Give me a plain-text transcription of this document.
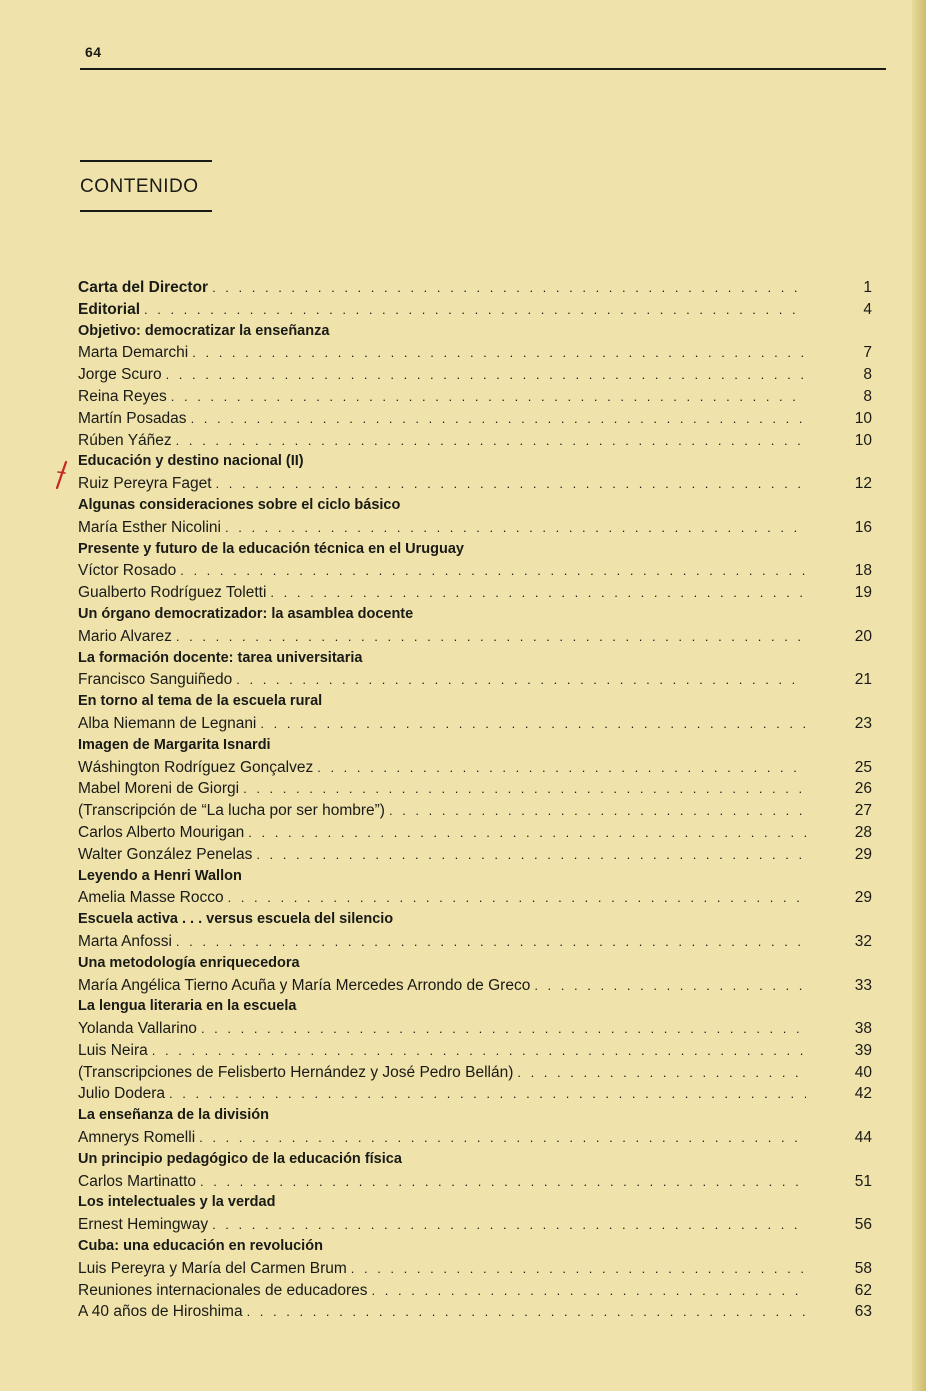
64
CONTENIDO
Carta del Director . . .	1
Editorial . . .	4
Objetivo: democratizar la enseñanza
Marta Demarchi . . .	7
Jorge Scuro . . .	8
Reina Reyes . . .	8
Martín Posadas . . .	10
Rúben Yáñez . . .	10
Educación y destino nacional (II)
Ruiz Pereyra Faget . . .	12
Algunas consideraciones sobre el ciclo básico
María Esther Nicolini . . .	16
Presente y futuro de la educación técnica en el Uruguay
Víctor Rosado . . .	18
Gualberto Rodríguez Toletti . . .	19
Un órgano democratizador: la asamblea docente
Mario Alvarez . . .	20
La formación docente: tarea universitaria
Francisco Sanguiñedo . . .	21
En torno al tema de la escuela rural
Alba Niemann de Legnani . . .	23
Imagen de Margarita Isnardi
Wáshington Rodríguez Gonçalvez . . .	25
Mabel Moreni de Giorgi . . .	26
(Transcripción de “La lucha por ser hombre”) . . .	27
Carlos Alberto Mourigan . . .	28
Walter González Penelas . . .	29
Leyendo a Henri Wallon
Amelia Masse Rocco . . .	29
Escuela activa . . . versus escuela del silencio
Marta Anfossi . . .	32
Una metodología enriquecedora
María Angélica Tierno Acuña y María Mercedes Arrondo de Greco . . .	33
La lengua literaria en la escuela
Yolanda Vallarino . . .	38
Luis Neira . . .	39
(Transcripciones de Felisberto Hernández y José Pedro Bellán) . . .	40
Julio Dodera . . .	42
La enseñanza de la división
Amnerys Romelli . . .	44
Un principio pedagógico de la educación física
Carlos Martinatto . . .	51
Los intelectuales y la verdad
Ernest Hemingway . . .	56
Cuba: una educación en revolución
Luis Pereyra y María del Carmen Brum . . .	58
Reuniones internacionales de educadores . . .	62
A 40 años de Hiroshima . . .	63
